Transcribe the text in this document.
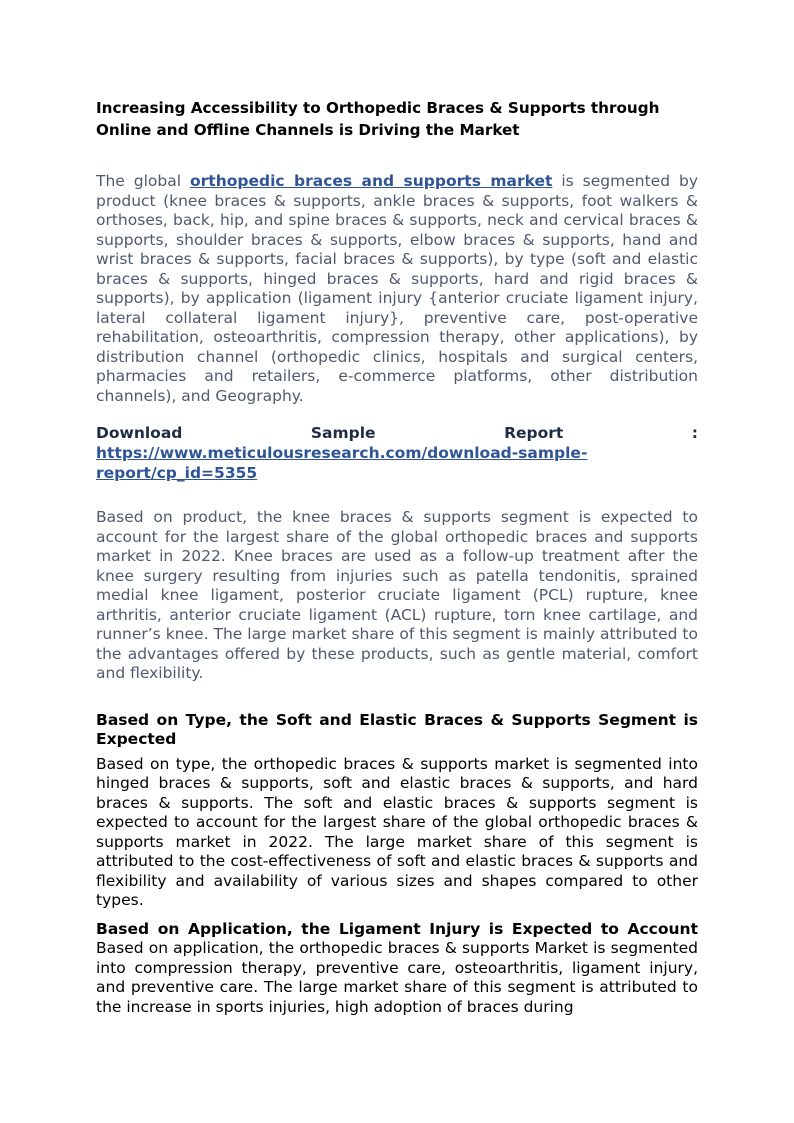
Increasing Accessibility to Orthopedic Braces & Supports through Online and Offline Channels is Driving the Market

The global orthopedic braces and supports market is segmented by product (knee braces & supports, ankle braces & supports, foot walkers & orthoses, back, hip, and spine braces & supports, neck and cervical braces & supports, shoulder braces & supports, elbow braces & supports, hand and wrist braces & supports, facial braces & supports), by type (soft and elastic braces & supports, hinged braces & supports, hard and rigid braces & supports), by application (ligament injury {anterior cruciate ligament injury, lateral collateral ligament injury}, preventive care, post-operative rehabilitation, osteoarthritis, compression therapy, other applications), by distribution channel (orthopedic clinics, hospitals and surgical centers, pharmacies and retailers, e-commerce platforms, other distribution channels), and Geography.

Download	Sample	Report	:
https://www.meticulousresearch.com/download-sample-
report/cp_id=5355

Based on product, the knee braces & supports segment is expected to account for the largest share of the global orthopedic braces and supports market in 2022. Knee braces are used as a follow-up treatment after the knee surgery resulting from injuries such as patella tendonitis, sprained medial knee ligament, posterior cruciate ligament (PCL) rupture, knee arthritis, anterior cruciate ligament (ACL) rupture, torn knee cartilage, and runner’s knee. The large market share of this segment is mainly attributed to the advantages offered by these products, such as gentle material, comfort and flexibility.

Based on Type, the Soft and Elastic Braces & Supports Segment is Expected

Based on type, the orthopedic braces & supports market is segmented into hinged braces & supports, soft and elastic braces & supports, and hard braces & supports. The soft and elastic braces & supports segment is expected to account for the largest share of the global orthopedic braces & supports market in 2022. The large market share of this segment is attributed to the cost-effectiveness of soft and elastic braces & supports and flexibility and availability of various sizes and shapes compared to other types.

Based on Application, the Ligament Injury is Expected to Account

Based on application, the orthopedic braces & supports Market is segmented into compression therapy, preventive care, osteoarthritis, ligament injury, and preventive care. The large market share of this segment is attributed to the increase in sports injuries, high adoption of braces during
